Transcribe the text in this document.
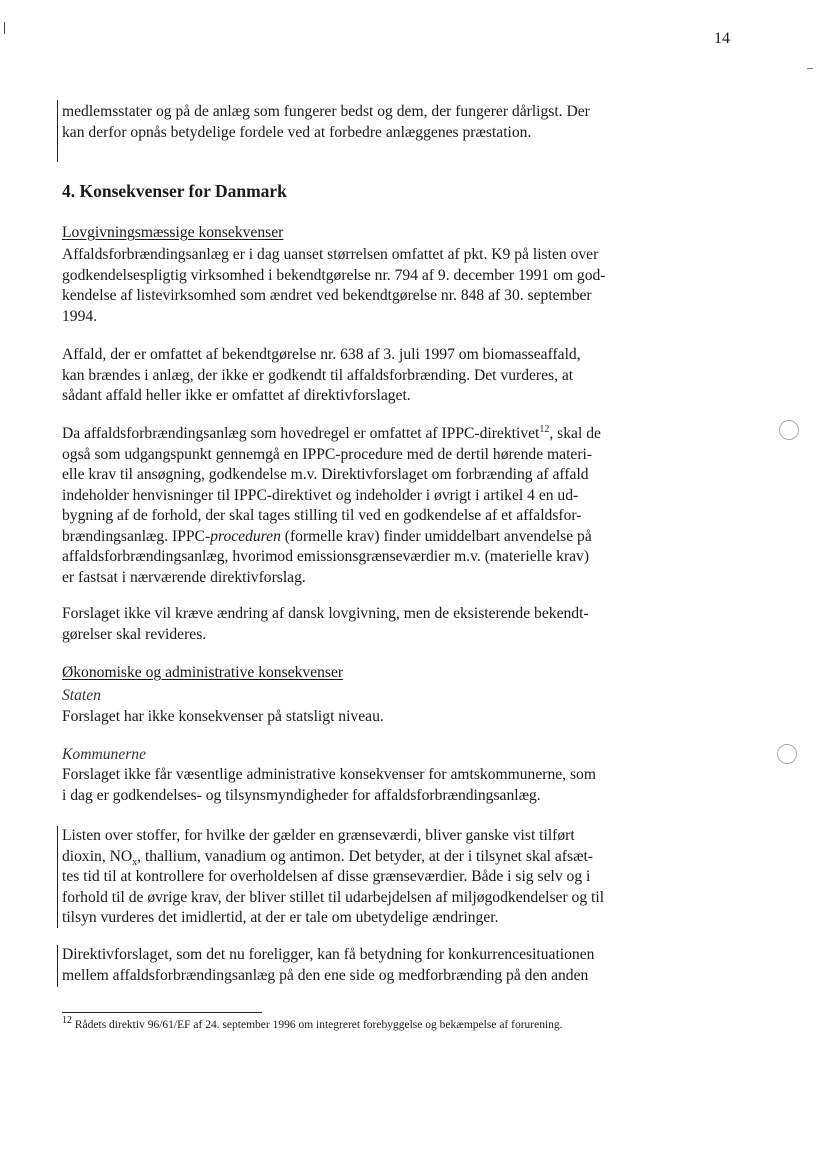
14
medlemsstater og på de anlæg som fungerer bedst og dem, der fungerer dårligst. Der
kan derfor opnås betydelige fordele ved at forbedre anlæggenes præstation.
4. Konsekvenser for Danmark
Lovgivningsmæssige konsekvenser
Affaldsforbrændingsanlæg er i dag uanset størrelsen omfattet af pkt. K9 på listen over
godkendelsespligtig virksomhed i bekendtgørelse nr. 794 af 9. december 1991 om god-
kendelse af listevirksomhed som ændret ved bekendtgørelse nr. 848 af 30. september
1994.
Affald, der er omfattet af bekendtgørelse nr. 638 af 3. juli 1997 om biomasseaffald,
kan brændes i anlæg, der ikke er godkendt til affaldsforbrænding. Det vurderes, at
sådant affald heller ikke er omfattet af direktivforslaget.
Da affaldsforbrændingsanlæg som hovedregel er omfattet af IPPC-direktivet$^{12}$, skal de
også som udgangspunkt gennemgå en IPPC-procedure med de dertil hørende materi-
elle krav til ansøgning, godkendelse m.v. Direktivforslaget om forbrænding af affald
indeholder henvisninger til IPPC-direktivet og indeholder i øvrigt i artikel 4 en ud-
bygning af de forhold, der skal tages stilling til ved en godkendelse af et affaldsfor-
brændingsanlæg. IPPC-proceduren (formelle krav) finder umiddelbart anvendelse på
affaldsforbrændingsanlæg, hvorimod emissionsgrænseværdier m.v. (materielle krav)
er fastsat i nærværende direktivforslag.
Forslaget ikke vil kræve ændring af dansk lovgivning, men de eksisterende bekendt-
gørelser skal revideres.
Økonomiske og administrative konsekvenser
Staten
Forslaget har ikke konsekvenser på statsligt niveau.
Kommunerne
Forslaget ikke får væsentlige administrative konsekvenser for amtskommunerne, som
i dag er godkendelses- og tilsynsmyndigheder for affaldsforbrændingsanlæg.
Listen over stoffer, for hvilke der gælder en grænseværdi, bliver ganske vist tilført
dioxin, $NO_x$, thallium, vanadium og antimon. Det betyder, at der i tilsynet skal afsæt-
tes tid til at kontrollere for overholdelsen af disse grænseværdier. Både i sig selv og i
forhold til de øvrige krav, der bliver stillet til udarbejdelsen af miljøgodkendelser og til
tilsyn vurderes det imidlertid, at der er tale om ubetydelige ændringer.
Direktivforslaget, som det nu foreligger, kan få betydning for konkurrencesituationen
mellem affaldsforbrændingsanlæg på den ene side og medforbrænding på den anden
12 Rådets direktiv 96/61/EF af 24. september 1996 om integreret forebyggelse og bekæmpelse af forurening.
